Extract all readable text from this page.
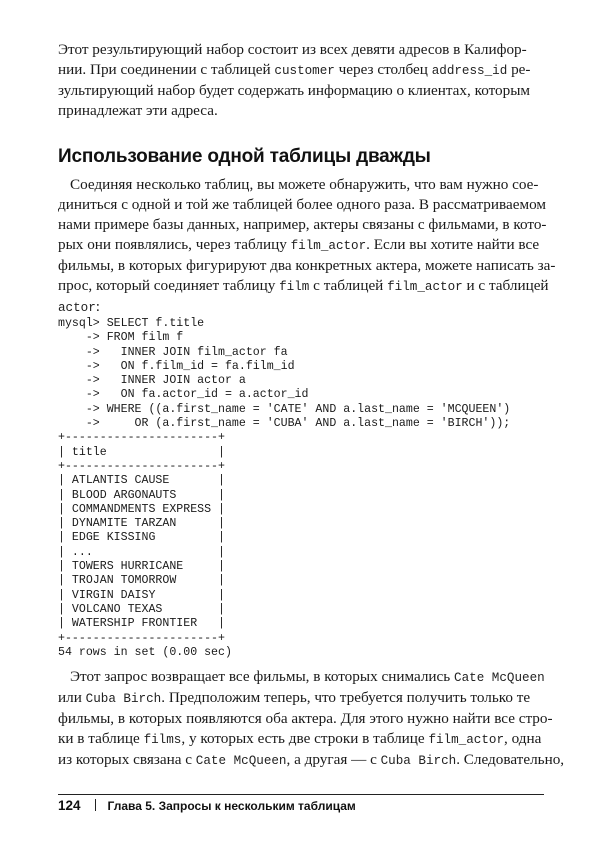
Этот результирующий набор состоит из всех девяти адресов в Калифор-
нии. При соединении с таблицей customer через столбец address_id ре-
зультирующий набор будет содержать информацию о клиентах, которым
принадлежат эти адреса.

Использование одной таблицы дважды

Соединяя несколько таблиц, вы можете обнаружить, что вам нужно сое-
диниться с одной и той же таблицей более одного раза. В рассматриваемом
нами примере базы данных, например, актеры связаны с фильмами, в кото-
рых они появлялись, через таблицу film_actor. Если вы хотите найти все
фильмы, в которых фигурируют два конкретных актера, можете написать за-
прос, который соединяет таблицу film с таблицей film_actor и с таблицей
actor:

mysql> SELECT f.title
-> FROM film f
->   INNER JOIN film_actor fa
->   ON f.film_id = fa.film_id
->   INNER JOIN actor a
->   ON fa.actor_id = a.actor_id
-> WHERE ((a.first_name = 'CATE' AND a.last_name = 'MCQUEEN')
->     OR (a.first_name = 'CUBA' AND a.last_name = 'BIRCH'));
+----------------------+
| title                |
+----------------------+
| ATLANTIS CAUSE       |
| BLOOD ARGONAUTS      |
| COMMANDMENTS EXPRESS |
| DYNAMITE TARZAN      |
| EDGE KISSING         |
| ...                  |
| TOWERS HURRICANE     |
| TROJAN TOMORROW      |
| VIRGIN DAISY         |
| VOLCANO TEXAS        |
| WATERSHIP FRONTIER   |
+----------------------+
54 rows in set (0.00 sec)

Этот запрос возвращает все фильмы, в которых снимались Cate McQueen
или Cuba Birch. Предположим теперь, что требуется получить только те
фильмы, в которых появляются оба актера. Для этого нужно найти все стро-
ки в таблице films, у которых есть две строки в таблице film_actor, одна
из которых связана с Cate McQueen, а другая — с Cuba Birch. Следовательно,

124 Глава 5. Запросы к нескольким таблицам
